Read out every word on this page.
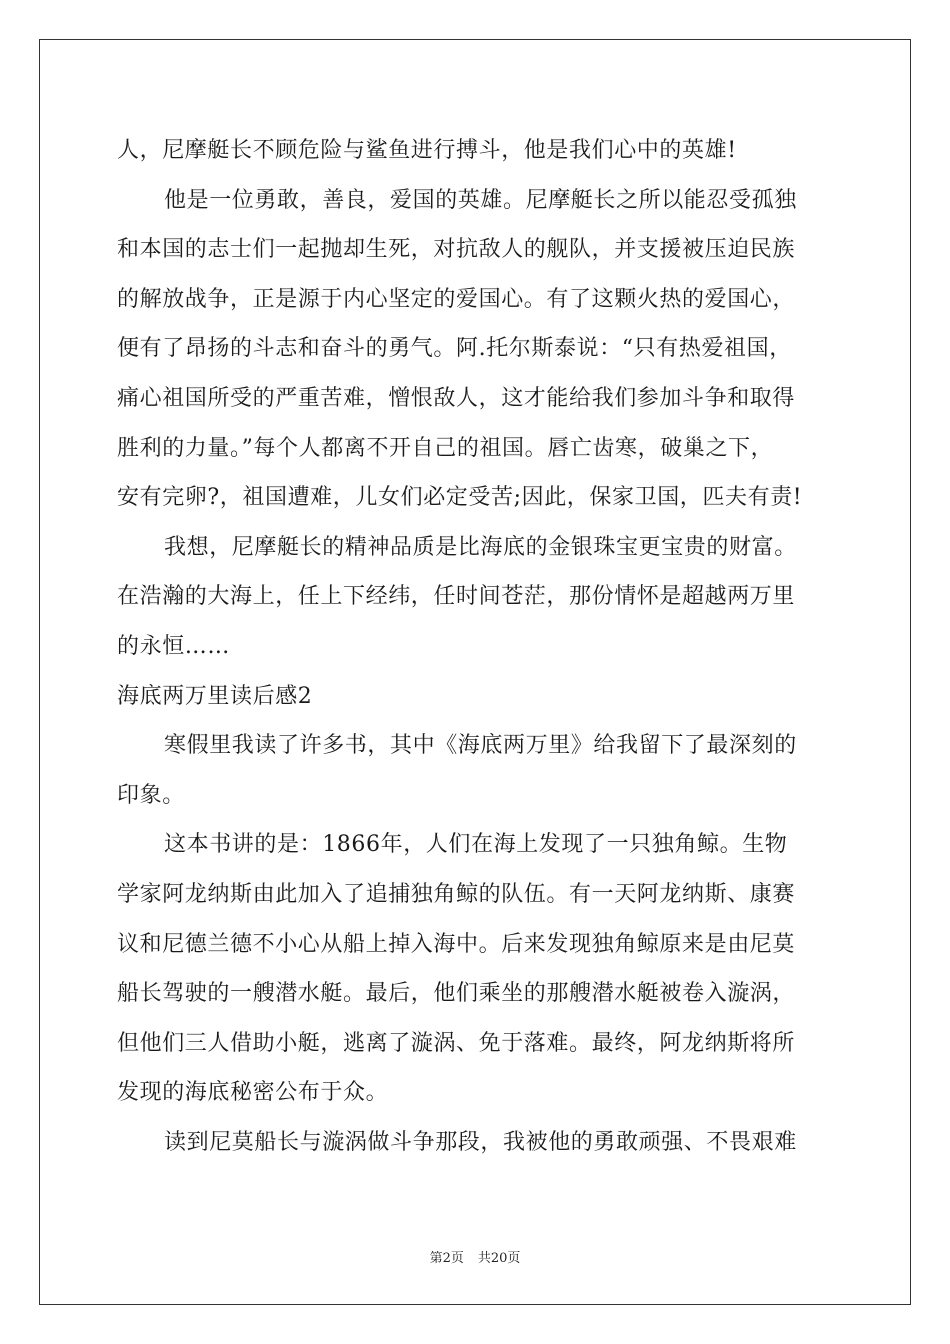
人，尼摩艇长不顾危险与鲨鱼进行搏斗，他是我们心中的英雄!
他是一位勇敢，善良，爱国的英雄。尼摩艇长之所以能忍受孤独
和本国的志士们一起抛却生死，对抗敌人的舰队，并支援被压迫民族
的解放战争，正是源于内心坚定的爱国心。有了这颗火热的爱国心，
便有了昂扬的斗志和奋斗的勇气。阿.托尔斯泰说：“只有热爱祖国，
痛心祖国所受的严重苦难，憎恨敌人，这才能给我们参加斗争和取得
胜利的力量。”每个人都离不开自己的祖国。唇亡齿寒，破巢之下，
安有完卵?，祖国遭难，儿女们必定受苦;因此，保家卫国，匹夫有责!
我想，尼摩艇长的精神品质是比海底的金银珠宝更宝贵的财富。
在浩瀚的大海上，任上下经纬，任时间苍茫，那份情怀是超越两万里
的永恒……
海底两万里读后感2
寒假里我读了许多书，其中《海底两万里》给我留下了最深刻的
印象。
这本书讲的是：1866年，人们在海上发现了一只独角鲸。生物
学家阿龙纳斯由此加入了追捕独角鲸的队伍。有一天阿龙纳斯、康赛
议和尼德兰德不小心从船上掉入海中。后来发现独角鲸原来是由尼莫
船长驾驶的一艘潜水艇。最后，他们乘坐的那艘潜水艇被卷入漩涡，
但他们三人借助小艇，逃离了漩涡、免于落难。最终，阿龙纳斯将所
发现的海底秘密公布于众。
读到尼莫船长与漩涡做斗争那段，我被他的勇敢顽强、不畏艰难
第2页 共20页
